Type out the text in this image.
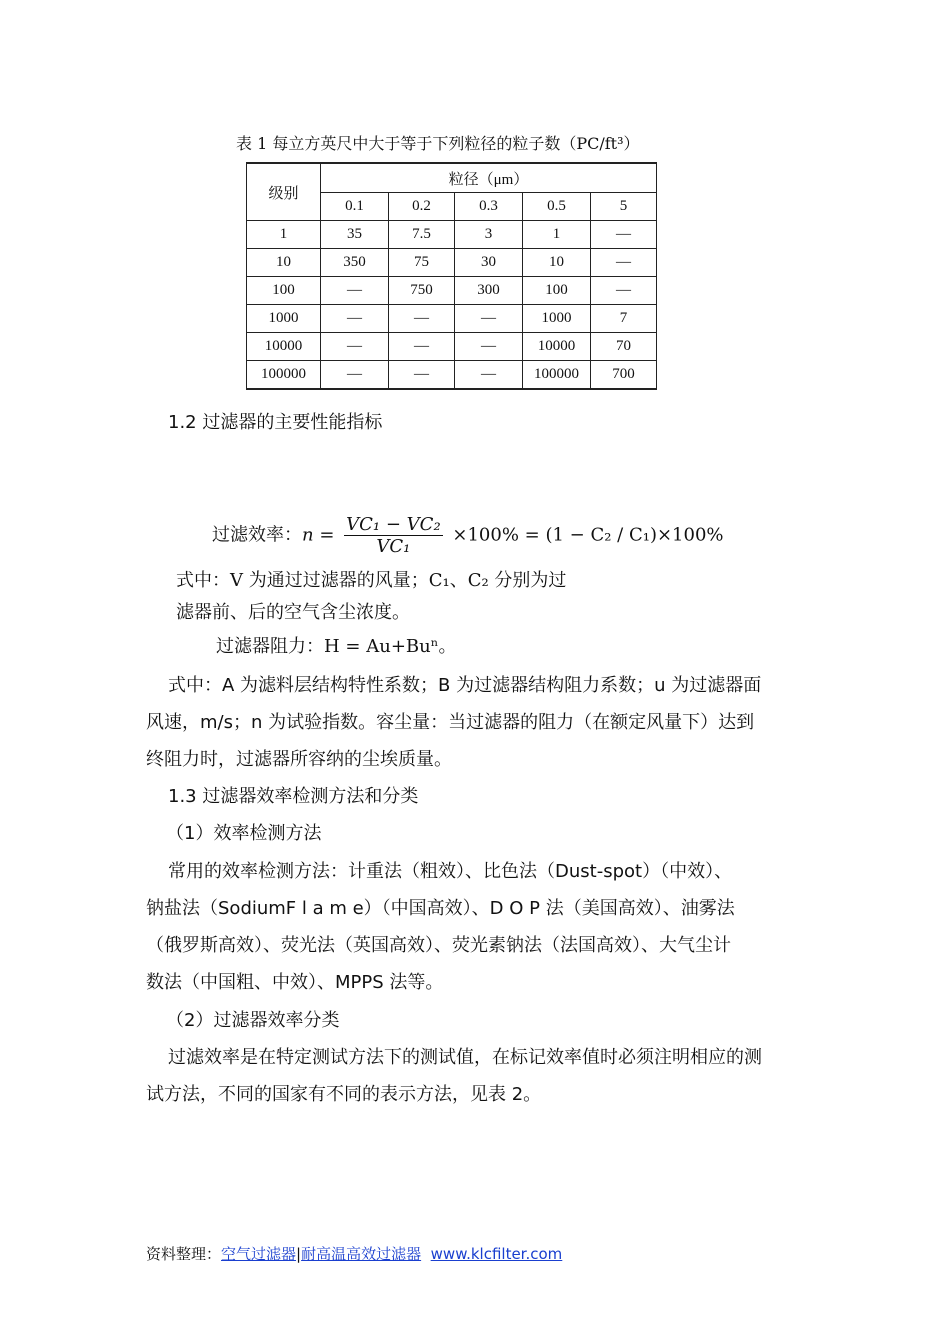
表 1 每立方英尺中大于等于下列粒径的粒子数（PC/ft³）
级别	粒径（μm）				
	0.1	0.2	0.3	0.5	5
1	35	7.5	3	1	—
10	350	75	30	10	—
100	—	750	300	100	—
1000	—	—	—	1000	7
10000	—	—	—	10000	70
100000	—	—	—	100000	700
1.2 过滤器的主要性能指标
过滤效率：$n = \frac{\text{VC₁ − VC₂}}{\text{VC₁}} \times 100\% = (1 - C_2 / C_1)\times 100\%$
式中：V 为通过过滤器的风量；C₁、C₂ 分别为过
滤器前、后的空气含尘浓度。
过滤器阻力：H = Au+Buⁿ。
式中：A 为滤料层结构特性系数；B 为过滤器结构阻力系数；u 为过滤器面
风速，m/s；n 为试验指数。容尘量：当过滤器的阻力（在额定风量下）达到
终阻力时，过滤器所容纳的尘埃质量。
1.3 过滤器效率检测方法和分类
（1）效率检测方法
常用的效率检测方法：计重法（粗效）、比色法（Dust-spot）（中效）、
钠盐法（SodiumF l a m e）（中国高效）、D O P 法（美国高效）、油雾法
（俄罗斯高效）、荧光法（英国高效）、荧光素钠法（法国高效）、大气尘计
数法（中国粗、中效）、MPPS 法等。
（2）过滤器效率分类
过滤效率是在特定测试方法下的测试值，在标记效率值时必须注明相应的测
试方法，不同的国家有不同的表示方法，见表 2。
资料整理：空气过滤器|耐高温高效过滤器 www.klcfilter.com
